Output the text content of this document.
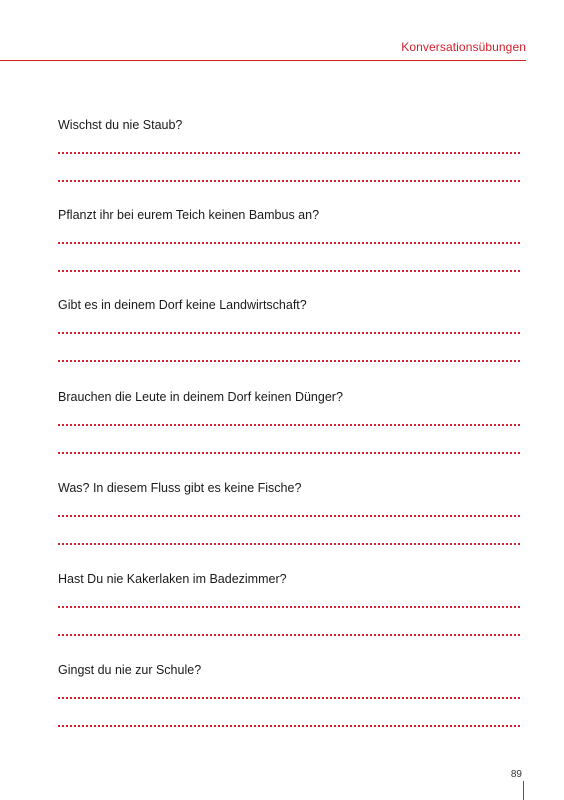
Konversationsübungen
Wischst du nie Staub?
Pflanzt ihr bei eurem Teich keinen Bambus an?
Gibt es in deinem Dorf keine Landwirtschaft?
Brauchen die Leute in deinem Dorf keinen Dünger?
Was? In diesem Fluss gibt es keine Fische?
Hast Du nie Kakerlaken im Badezimmer?
Gingst du nie zur Schule?
89
